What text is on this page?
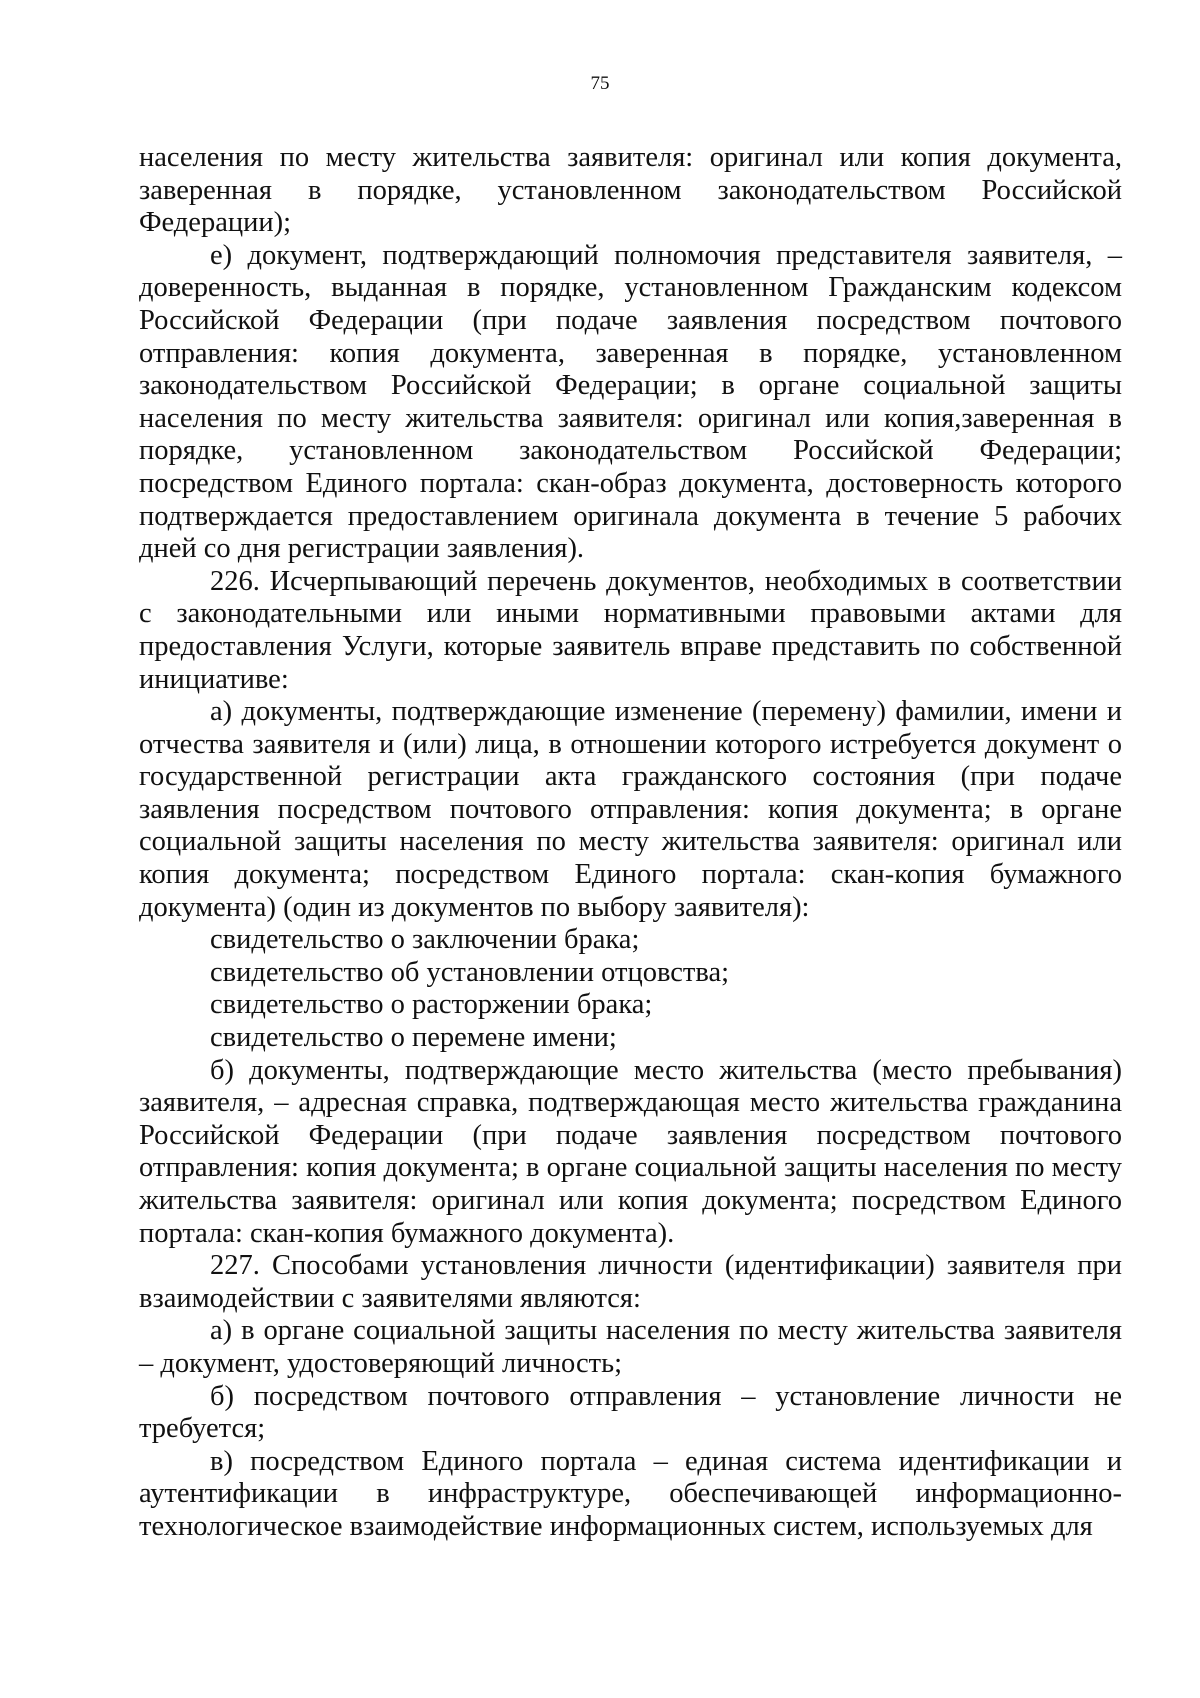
75

населения по месту жительства заявителя: оригинал или копия документа, заверенная в порядке, установленном законодательством Российской Федерации);

е) документ, подтверждающий полномочия представителя заявителя, – доверенность, выданная в порядке, установленном Гражданским кодексом Российской Федерации (при подаче заявления посредством почтового отправления: копия документа, заверенная в порядке, установленном законодательством Российской Федерации; в органе социальной защиты населения по месту жительства заявителя: оригинал или копия,заверенная в порядке, установленном законодательством Российской Федерации; посредством Единого портала: скан-образ документа, достоверность которого подтверждается предоставлением оригинала документа в течение 5 рабочих дней со дня регистрации заявления).

226. Исчерпывающий перечень документов, необходимых в соответствии с законодательными или иными нормативными правовыми актами для предоставления Услуги, которые заявитель вправе представить по собственной инициативе:

а) документы, подтверждающие изменение (перемену) фамилии, имени и отчества заявителя и (или) лица, в отношении которого истребуется документ о государственной регистрации акта гражданского состояния (при подаче заявления посредством почтового отправления: копия документа; в органе социальной защиты населения по месту жительства заявителя: оригинал или копия документа; посредством Единого портала: скан-копия бумажного документа) (один из документов по выбору заявителя):

свидетельство о заключении брака;

свидетельство об установлении отцовства;

свидетельство о расторжении брака;

свидетельство о перемене имени;

б) документы, подтверждающие место жительства (место пребывания) заявителя, – адресная справка, подтверждающая место жительства гражданина Российской Федерации (при подаче заявления посредством почтового отправления: копия документа; в органе социальной защиты населения по месту жительства заявителя: оригинал или копия документа; посредством Единого портала: скан-копия бумажного документа).

227. Способами установления личности (идентификации) заявителя при взаимодействии с заявителями являются:

а) в органе социальной защиты населения по месту жительства заявителя – документ, удостоверяющий личность;

б) посредством почтового отправления – установление личности не требуется;

в) посредством Единого портала – единая система идентификации и аутентификации в инфраструктуре, обеспечивающей информационно-технологическое взаимодействие информационных систем, используемых для
